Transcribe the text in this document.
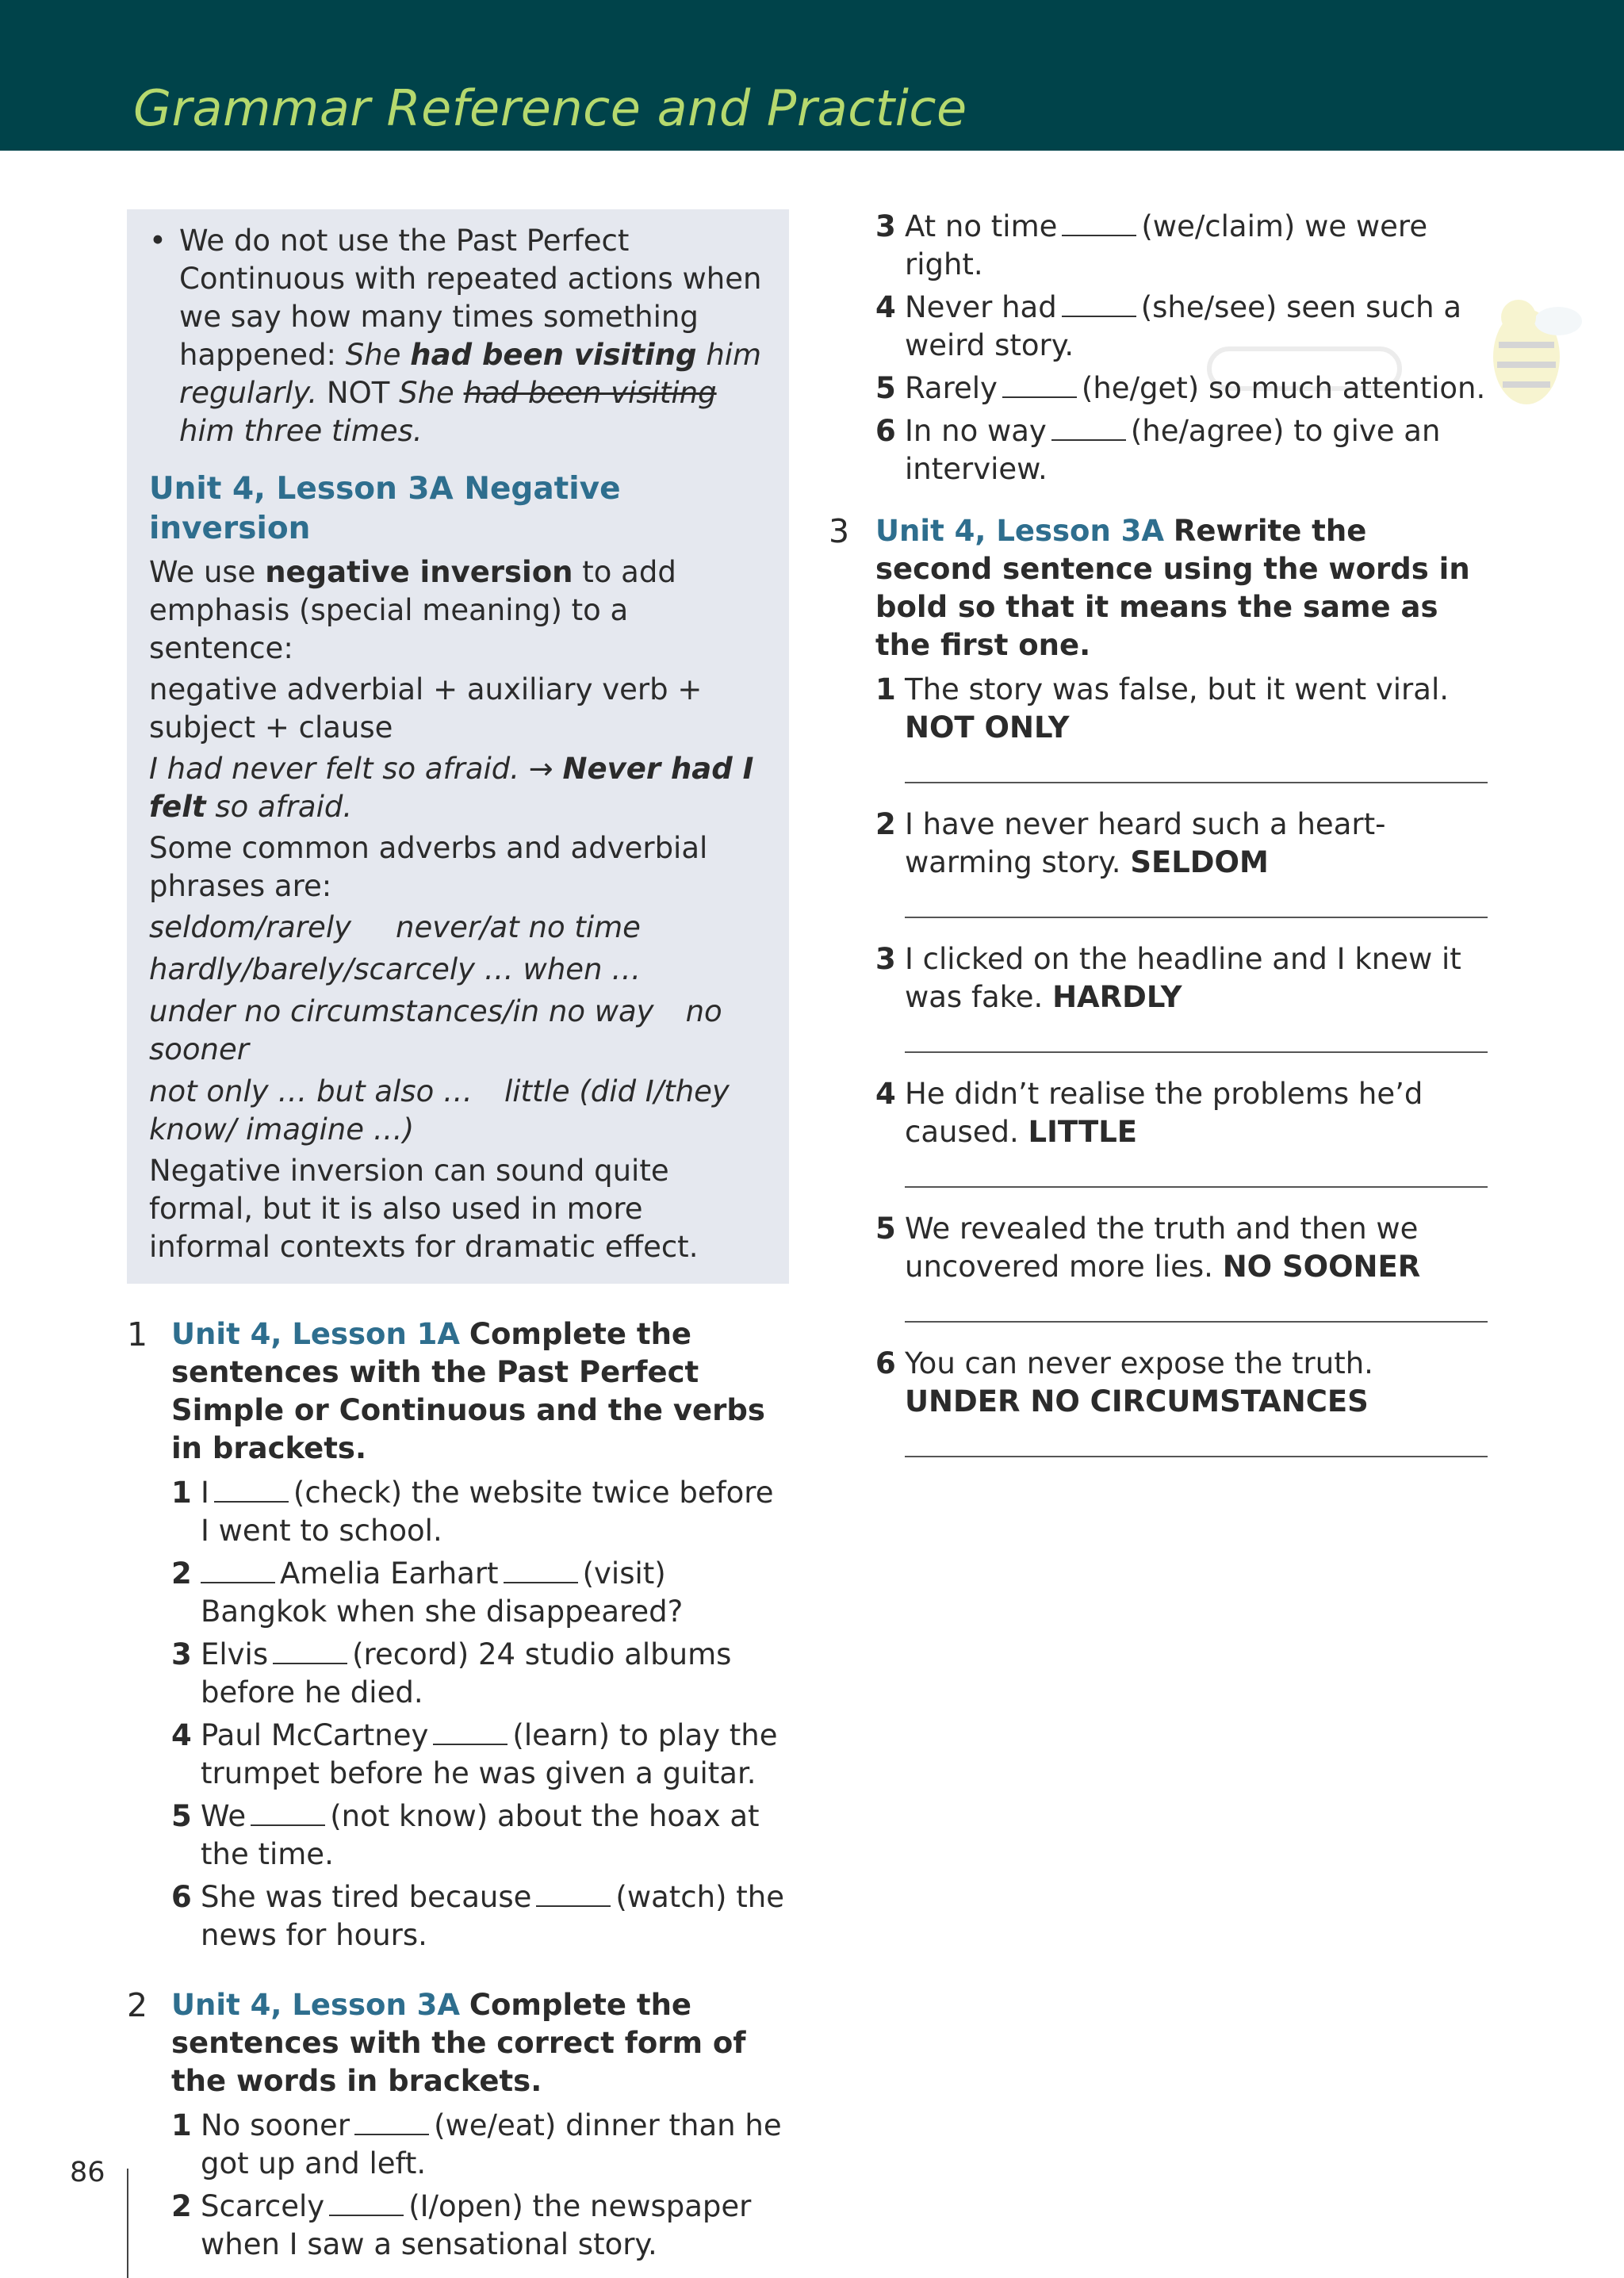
Grammar Reference and Practice
• We do not use the Past Perfect Continuous with repeated actions when we say how many times something happened: She had been visiting him regularly. NOT She had been visiting him three times.
Unit 4, Lesson 3A Negative inversion
We use negative inversion to add emphasis (special meaning) to a sentence:
negative adverbial + auxiliary verb + subject + clause
I had never felt so afraid. → Never had I felt so afraid.
Some common adverbs and adverbial phrases are:
seldom/rarely never/at no time
hardly/barely/scarcely … when …
under no circumstances/in no way no sooner
not only … but also … little (did I/they know/ imagine …)
Negative inversion can sound quite formal, but it is also used in more informal contexts for dramatic effect.
1 Unit 4, Lesson 1A Complete the sentences with the Past Perfect Simple or Continuous and the verbs in brackets.
1 I	(check) the website twice before I went to school.
2	Amelia Earhart	(visit) Bangkok when she disappeared?
3 Elvis	(record) 24 studio albums before he died.
4 Paul McCartney	(learn) to play the trumpet before he was given a guitar.
5 We	(not know) about the hoax at the time.
6 She was tired because	(watch) the news for hours.
2 Unit 4, Lesson 3A Complete the sentences with the correct form of the words in brackets.
1 No sooner	(we/eat) dinner than he got up and left.
2 Scarcely	(I/open) the newspaper when I saw a sensational story.
3 At no time	(we/claim) we were right.
4 Never had	(she/see) seen such a weird story.
5 Rarely	(he/get) so much attention.
6 In no way	(he/agree) to give an interview.
3 Unit 4, Lesson 3A Rewrite the second sentence using the words in bold so that it means the same as the first one.
1 The story was false, but it went viral. NOT ONLY
2 I have never heard such a heart-warming story. SELDOM
3 I clicked on the headline and I knew it was fake. HARDLY
4 He didn’t realise the problems he’d caused. LITTLE
5 We revealed the truth and then we uncovered more lies. NO SOONER
6 You can never expose the truth.
UNDER NO CIRCUMSTANCES
86
